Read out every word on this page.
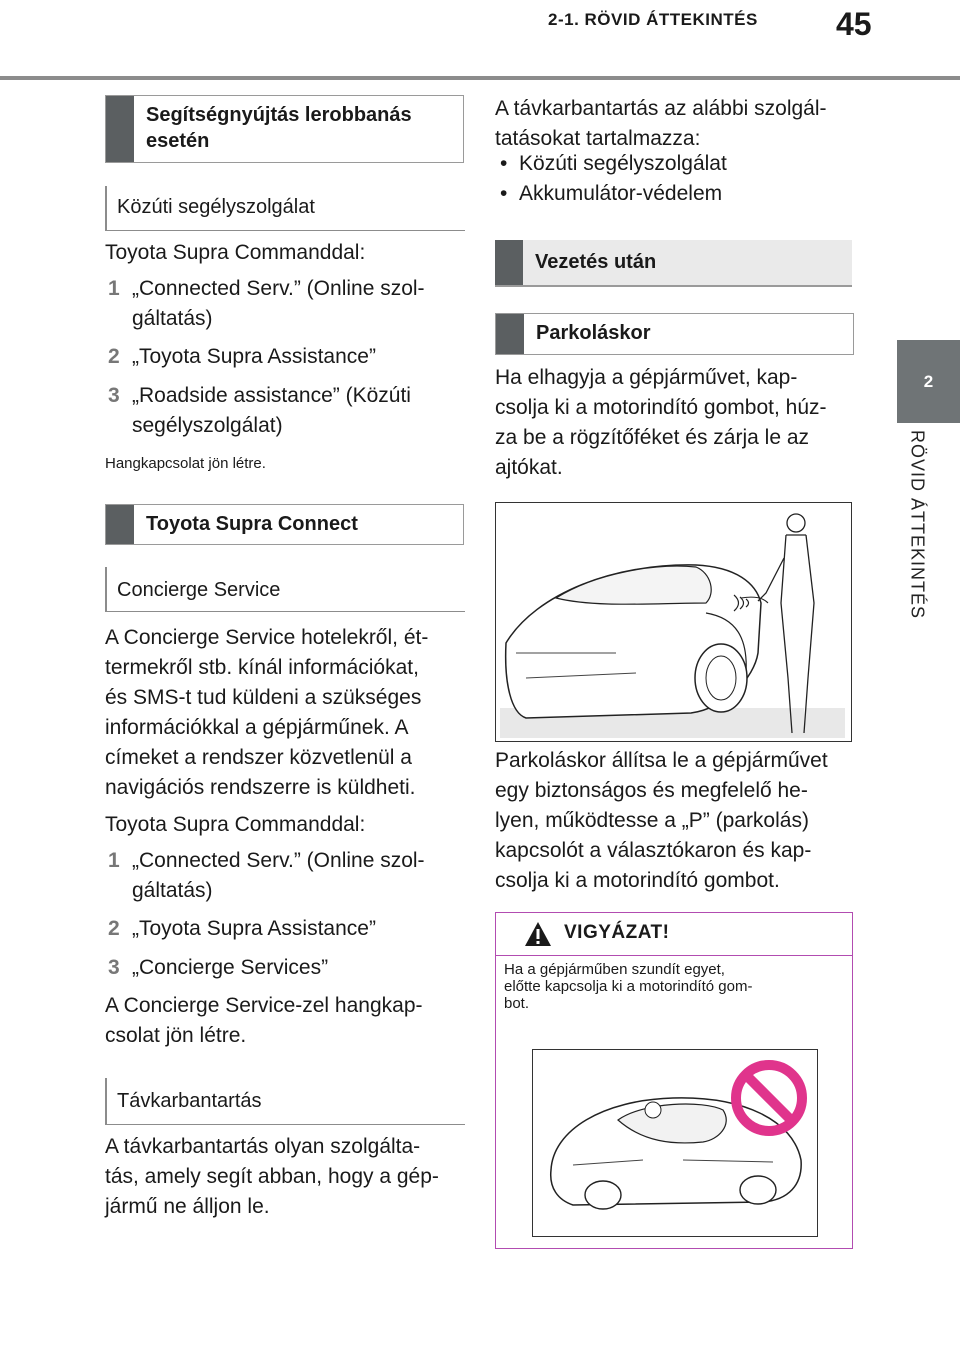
2-1. RÖVID ÁTTEKINTÉS 45
2
RÖVID ÁTTEKINTÉS
Segítségnyújtás lerobbanás
esetén
Közúti segélyszolgálat
Toyota Supra Commanddal:
1 „Connected Serv.” (Online szol-
gáltatás)
2 „Toyota Supra Assistance”
3 „Roadside assistance” (Közúti
segélyszolgálat)
Hangkapcsolat jön létre.
Toyota Supra Connect
Concierge Service
A Concierge Service hotelekről, ét-
termekről stb. kínál információkat,
és SMS-t tud küldeni a szükséges
információkkal a gépjárműnek. A
címeket a rendszer közvetlenül a
navigációs rendszerre is küldheti.
Toyota Supra Commanddal:
1 „Connected Serv.” (Online szol-
gáltatás)
2 „Toyota Supra Assistance”
3 „Concierge Services”
A Concierge Service-zel hangkap-
csolat jön létre.
Távkarbantartás
A távkarbantartás olyan szolgálta-
tás, amely segít abban, hogy a gép-
jármű ne álljon le.
A távkarbantartás az alábbi szolgál-
tatásokat tartalmazza:
•  Közúti segélyszolgálat
•  Akkumulátor-védelem
Vezetés után
Parkoláskor
Ha elhagyja a gépjárművet, kap-
csolja ki a motorindító gombot, húz-
za be a rögzítőféket és zárja le az
ajtókat.
Parkoláskor állítsa le a gépjárművet
egy biztonságos és megfelelő he-
lyen, működtesse a „P” (parkolás)
kapcsolót a választókaron és kap-
csolja ki a motorindító gombot.
VIGYÁZAT!
Ha a gépjárműben szundít egyet,
előtte kapcsolja ki a motorindító gom-
bot.
